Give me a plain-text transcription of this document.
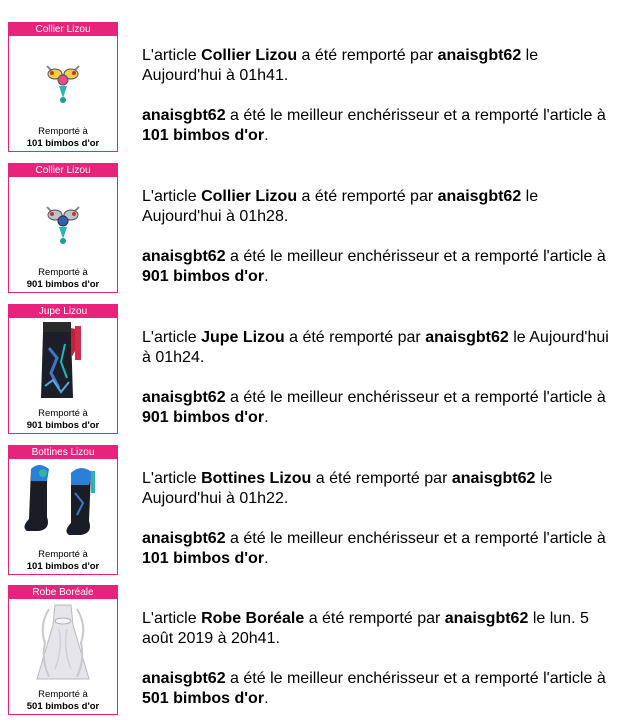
Collier Lizou
Remporté à
101 bimbos d'or

L'article Collier Lizou a été remporté par anaisgbt62 le Aujourd'hui à 01h41.

anaisgbt62 a été le meilleur enchérisseur et a remporté l'article à 101 bimbos d'or.

Collier Lizou
Remporté à
901 bimbos d'or

L'article Collier Lizou a été remporté par anaisgbt62 le Aujourd'hui à 01h28.

anaisgbt62 a été le meilleur enchérisseur et a remporté l'article à 901 bimbos d'or.

Jupe Lizou
Remporté à
901 bimbos d'or

L'article Jupe Lizou a été remporté par anaisgbt62 le Aujourd'hui à 01h24.

anaisgbt62 a été le meilleur enchérisseur et a remporté l'article à 901 bimbos d'or.

Bottines Lizou
Remporté à
101 bimbos d'or

L'article Bottines Lizou a été remporté par anaisgbt62 le Aujourd'hui à 01h22.

anaisgbt62 a été le meilleur enchérisseur et a remporté l'article à 101 bimbos d'or.

Robe Boréale
Remporté à
501 bimbos d'or

L'article Robe Boréale a été remporté par anaisgbt62 le lun. 5 août 2019 à 20h41.

anaisgbt62 a été le meilleur enchérisseur et a remporté l'article à 501 bimbos d'or.
